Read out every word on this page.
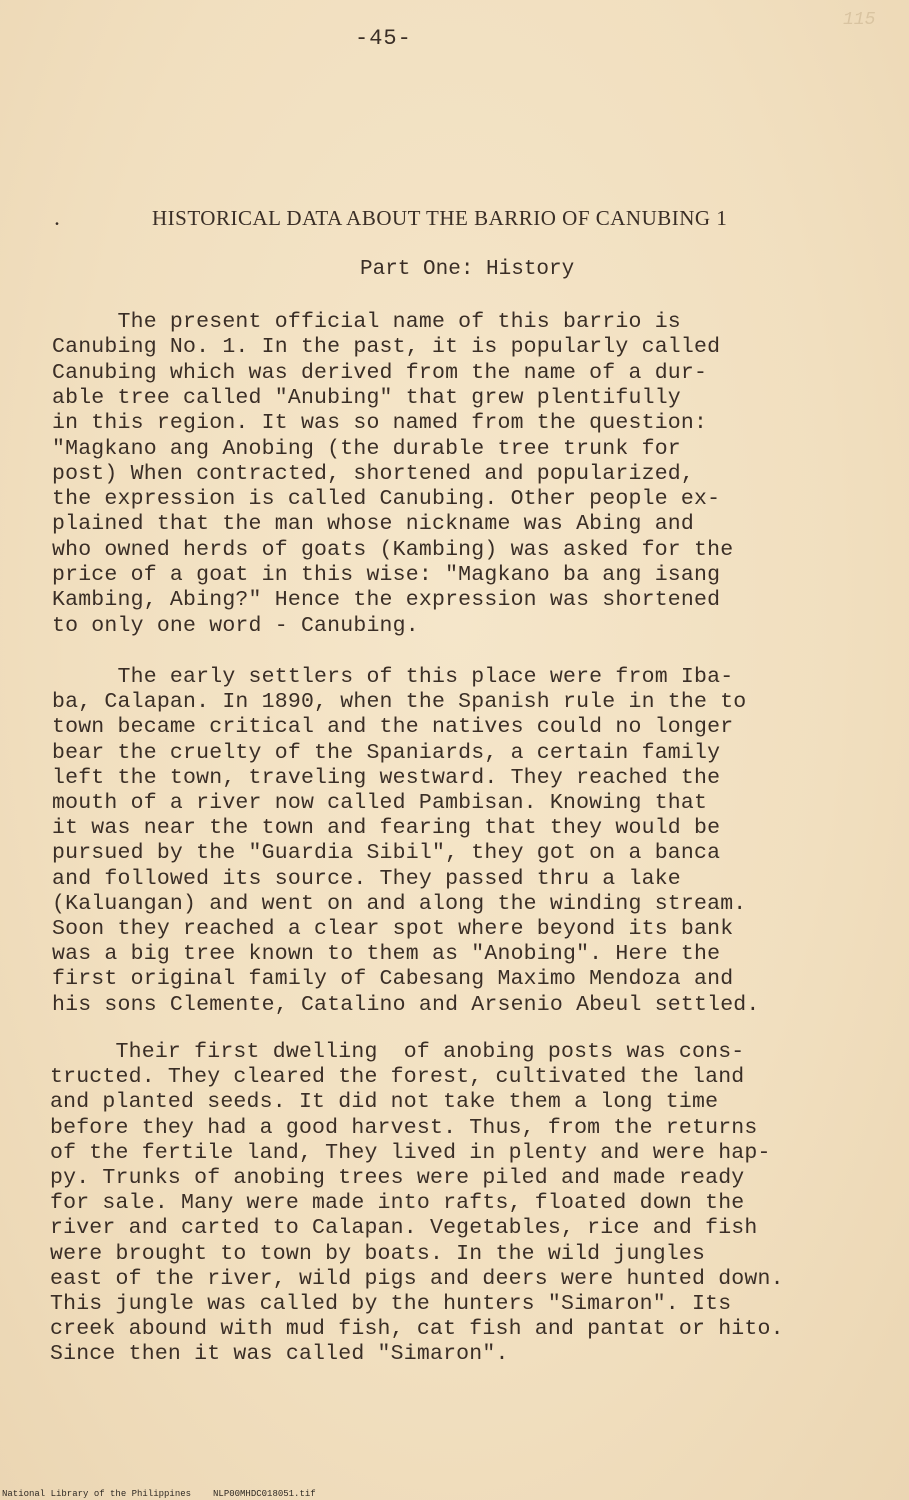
-45-
115
•	HISTORICAL DATA ABOUT THE BARRIO OF CANUBING 1
Part One: History
The present official name of this barrio is
Canubing No. 1. In the past, it is popularly called
Canubing which was derived from the name of a dur-
able tree called "Anubing" that grew plentifully
in this region. It was so named from the question:
"Magkano ang Anobing (the durable tree trunk for
post) When contracted, shortened and popularized,
the expression is called Canubing. Other people ex-
plained that the man whose nickname was Abing and
who owned herds of goats (Kambing) was asked for the
price of a goat in this wise: "Magkano ba ang isang
Kambing, Abing?" Hence the expression was shortened
to only one word - Canubing.
The early settlers of this place were from Iba-
ba, Calapan. In 1890, when the Spanish rule in the to
town became critical and the natives could no longer
bear the cruelty of the Spaniards, a certain family
left the town, traveling westward. They reached the
mouth of a river now called Pambisan. Knowing that
it was near the town and fearing that they would be
pursued by the "Guardia Sibil", they got on a banca
and followed its source. They passed thru a lake
(Kaluangan) and went on and along the winding stream.
Soon they reached a clear spot where beyond its bank
was a big tree known to them as "Anobing". Here the
first original family of Cabesang Maximo Mendoza and
his sons Clemente, Catalino and Arsenio Abeul settled.
Their first dwelling  of anobing posts was cons-
tructed. They cleared the forest, cultivated the land
and planted seeds. It did not take them a long time
before they had a good harvest. Thus, from the returns
of the fertile land, They lived in plenty and were hap-
py. Trunks of anobing trees were piled and made ready
for sale. Many were made into rafts, floated down the
river and carted to Calapan. Vegetables, rice and fish
were brought to town by boats. In the wild jungles
east of the river, wild pigs and deers were hunted down.
This jungle was called by the hunters "Simaron". Its
creek abound with mud fish, cat fish and pantat or hito.
Since then it was called "Simaron".
National Library of the Philippines NLP00MHDC018051.tif
